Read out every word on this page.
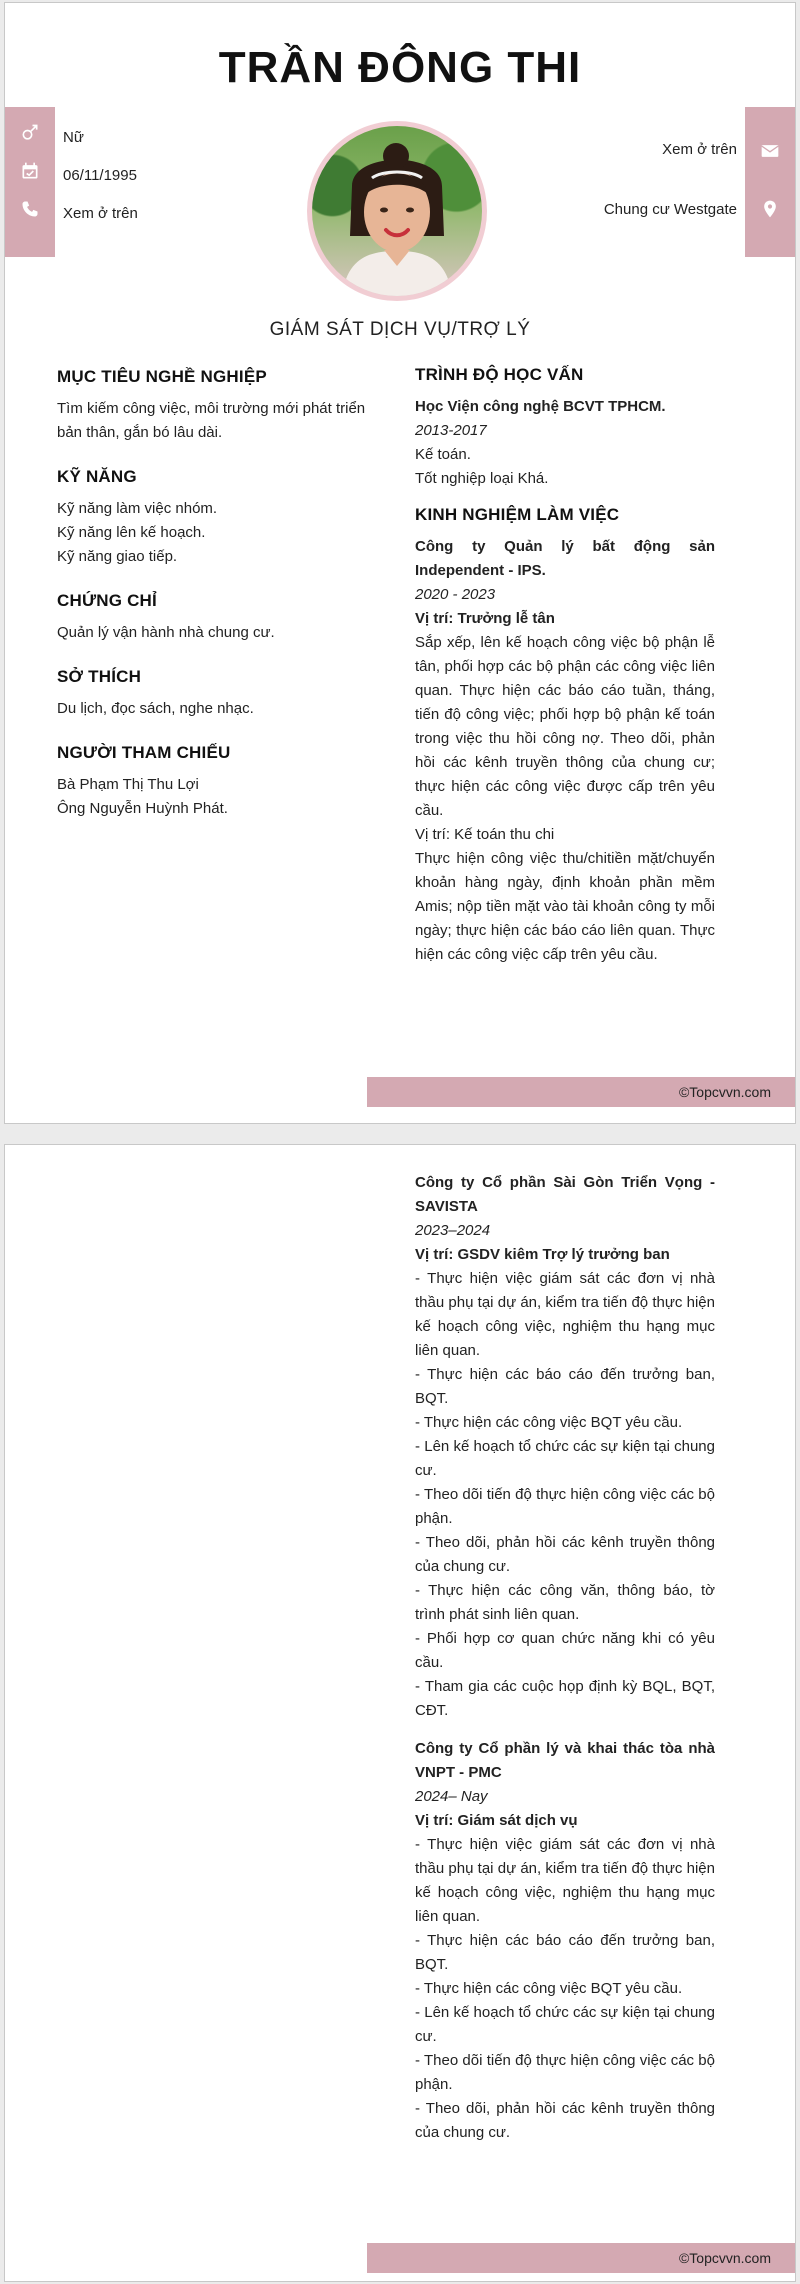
TRẦN ĐÔNG THI
Nữ
06/11/1995
Xem ở trên
Xem ở trên
Chung cư Westgate
GIÁM SÁT DỊCH VỤ/TRỢ LÝ
MỤC TIÊU NGHỀ NGHIỆP
Tìm kiếm công việc, môi trường mới phát triển bản thân, gắn bó lâu dài.
KỸ NĂNG
Kỹ năng làm việc nhóm.
Kỹ năng lên kế hoạch.
Kỹ năng giao tiếp.
CHỨNG CHỈ
Quản lý vận hành nhà chung cư.
SỞ THÍCH
Du lịch, đọc sách, nghe nhạc.
NGƯỜI THAM CHIẾU
Bà Phạm Thị Thu Lợi
Ông Nguyễn Huỳnh Phát.
TRÌNH ĐỘ HỌC VẤN
Học Viện công nghệ BCVT TPHCM.
2013-2017
Kế toán.
Tốt nghiệp loại Khá.
KINH NGHIỆM LÀM VIỆC
Công ty Quản lý bất động sản Independent - IPS.
2020 - 2023
Vị trí: Trưởng lễ tân
Sắp xếp, lên kế hoạch công việc bộ phận lễ tân, phối hợp các bộ phận các công việc liên quan. Thực hiện các báo cáo tuần, tháng, tiến độ công việc; phối hợp bộ phận kế toán trong việc thu hồi công nợ. Theo dõi, phản hồi các kênh truyền thông của chung cư; thực hiện các công việc được cấp trên yêu cầu.
Vị trí: Kế toán thu chi
Thực hiện công việc thu/chitiền mặt/chuyển khoản hàng ngày, định khoản phần mềm Amis; nộp tiền mặt vào tài khoản công ty mỗi ngày; thực hiện các báo cáo liên quan. Thực hiện các công việc cấp trên yêu cầu.
©Topcvvn.com
Công ty Cổ phần Sài Gòn Triển Vọng - SAVISTA
2023–2024
Vị trí: GSDV kiêm Trợ lý trưởng ban
- Thực hiện việc giám sát các đơn vị nhà thầu phụ tại dự án, kiểm tra tiến độ thực hiện kế hoạch công việc, nghiệm thu hạng mục liên quan.
- Thực hiện các báo cáo đến trưởng ban, BQT.
- Thực hiện các công việc BQT yêu cầu.
- Lên kế hoạch tổ chức các sự kiện tại chung cư.
- Theo dõi tiến độ thực hiện công việc các bộ phận.
- Theo dõi, phản hồi các kênh truyền thông của chung cư.
- Thực hiện các công văn, thông báo, tờ trình phát sinh liên quan.
- Phối hợp cơ quan chức năng khi có yêu cầu.
- Tham gia các cuộc họp định kỳ BQL, BQT, CĐT.
Công ty Cổ phần lý và khai thác tòa nhà VNPT - PMC
2024– Nay
Vị trí: Giám sát dịch vụ
- Thực hiện việc giám sát các đơn vị nhà thầu phụ tại dự án, kiểm tra tiến độ thực hiện kế hoạch công việc, nghiệm thu hạng mục liên quan.
- Thực hiện các báo cáo đến trưởng ban, BQT.
- Thực hiện các công việc BQT yêu cầu.
- Lên kế hoạch tổ chức các sự kiện tại chung cư.
- Theo dõi tiến độ thực hiện công việc các bộ phận.
- Theo dõi, phản hồi các kênh truyền thông của chung cư.
©Topcvvn.com
